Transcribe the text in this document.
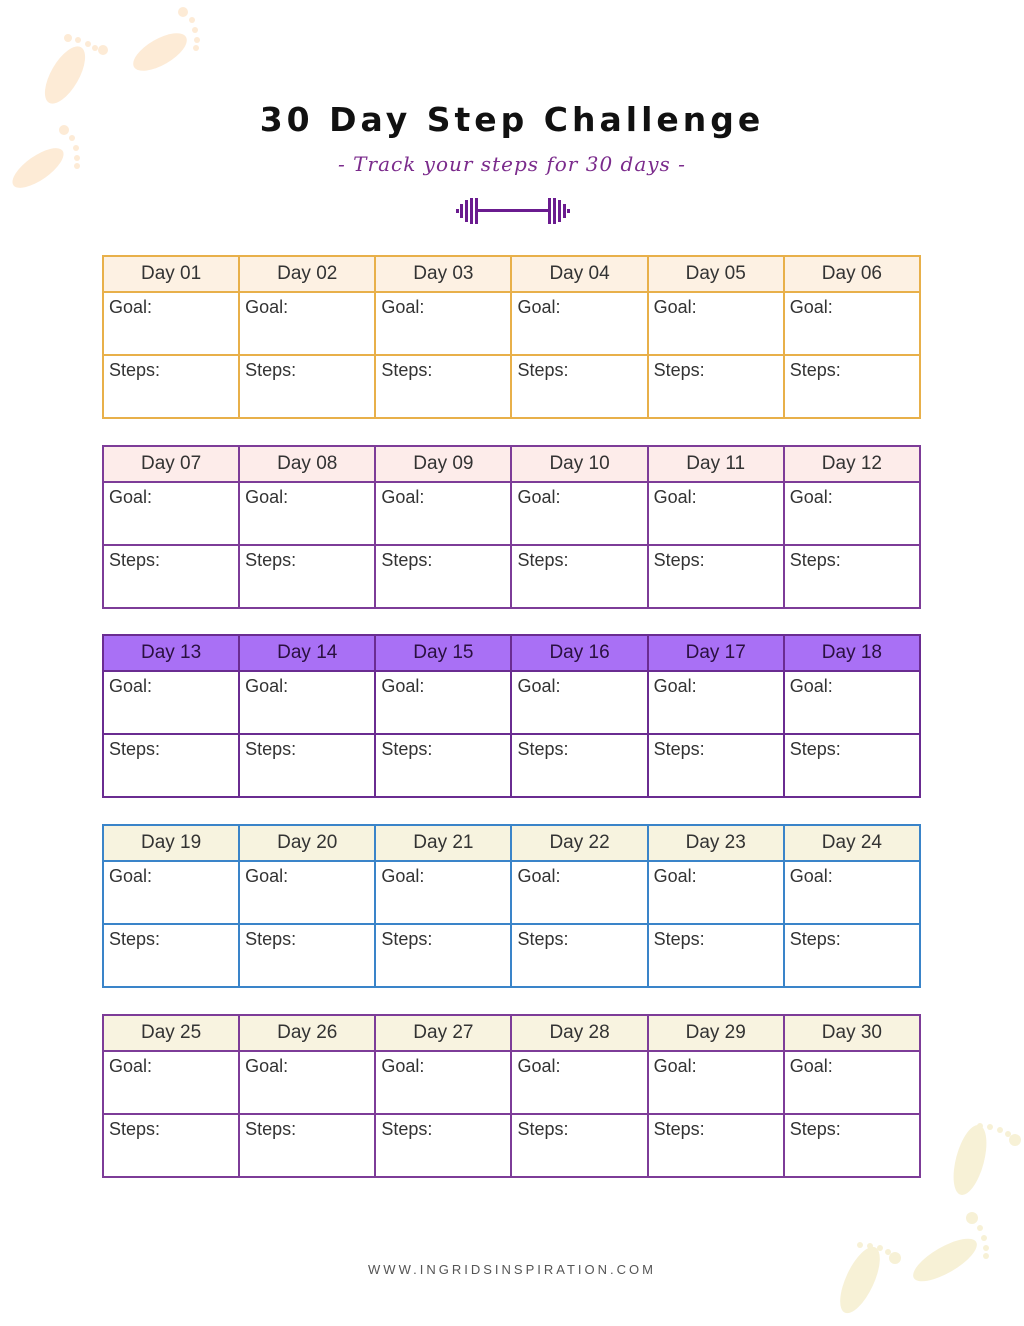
30 Day Step Challenge
- Track your steps for 30 days -
Day 01	Day 02	Day 03	Day 04	Day 05	Day 06

Goal:	Goal:	Goal:	Goal:	Goal:	Goal:

Steps:	Steps:	Steps:	Steps:	Steps:	Steps:
Day 07	Day 08	Day 09	Day 10	Day 11	Day 12

Goal:	Goal:	Goal:	Goal:	Goal:	Goal:

Steps:	Steps:	Steps:	Steps:	Steps:	Steps:
Day 13	Day 14	Day 15	Day 16	Day 17	Day 18

Goal:	Goal:	Goal:	Goal:	Goal:	Goal:

Steps:	Steps:	Steps:	Steps:	Steps:	Steps:
Day 19	Day 20	Day 21	Day 22	Day 23	Day 24

Goal:	Goal:	Goal:	Goal:	Goal:	Goal:

Steps:	Steps:	Steps:	Steps:	Steps:	Steps:
Day 25	Day 26	Day 27	Day 28	Day 29	Day 30

Goal:	Goal:	Goal:	Goal:	Goal:	Goal:

Steps:	Steps:	Steps:	Steps:	Steps:	Steps:
WWW.INGRIDSINSPIRATION.COM
